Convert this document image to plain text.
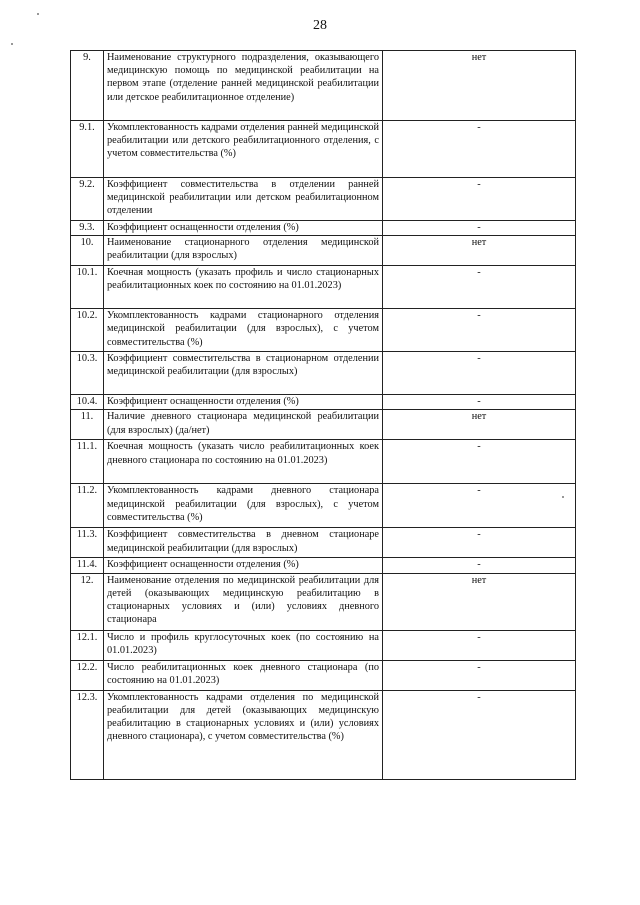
28
9.	Наименование структурного подразделения, оказывающего медицинскую помощь по медицинской реабилитации на первом этапе (отделение ранней медицинской реабилитации или детское реабилитационное отделение)	нет
9.1.	Укомплектованность кадрами отделения ранней медицинской реабилитации или детского реабилитационного отделения, с учетом совместительства (%)	-
9.2.	Коэффициент совместительства в отделении ранней медицинской реабилитации или детском реабилитационном отделении	-
9.3.	Коэффициент оснащенности отделения (%)	-
10.	Наименование стационарного отделения медицинской реабилитации (для взрослых)	нет
10.1.	Коечная мощность (указать профиль и число стационарных реабилитационных коек по состоянию на 01.01.2023)	-
10.2.	Укомплектованность кадрами стационарного отделения медицинской реабилитации (для взрослых), с учетом совместительства (%)	-
10.3.	Коэффициент совместительства в стационарном отделении медицинской реабилитации (для взрослых)	-
10.4.	Коэффициент оснащенности отделения (%)	-
11.	Наличие дневного стационара медицинской реабилитации (для взрослых) (да/нет)	нет
11.1.	Коечная мощность (указать число реабилитационных коек дневного стационара по состоянию на 01.01.2023)	-
11.2.	Укомплектованность кадрами дневного стационара медицинской реабилитации (для взрослых), с учетом совместительства (%)	-
11.3.	Коэффициент совместительства в дневном стационаре медицинской реабилитации (для взрослых)	-
11.4.	Коэффициент оснащенности отделения (%)	-
12.	Наименование отделения по медицинской реабилитации для детей (оказывающих медицинскую реабилитацию в стационарных условиях и (или) условиях дневного стационара	нет
12.1.	Число и профиль круглосуточных коек (по состоянию на 01.01.2023)	-
12.2.	Число реабилитационных коек дневного стационара (по состоянию на 01.01.2023)	-
12.3.	Укомплектованность кадрами отделения по медицинской реабилитации для детей (оказывающих медицинскую реабилитацию в стационарных условиях и (или) условиях дневного стационара), с учетом совместительства (%)	-
